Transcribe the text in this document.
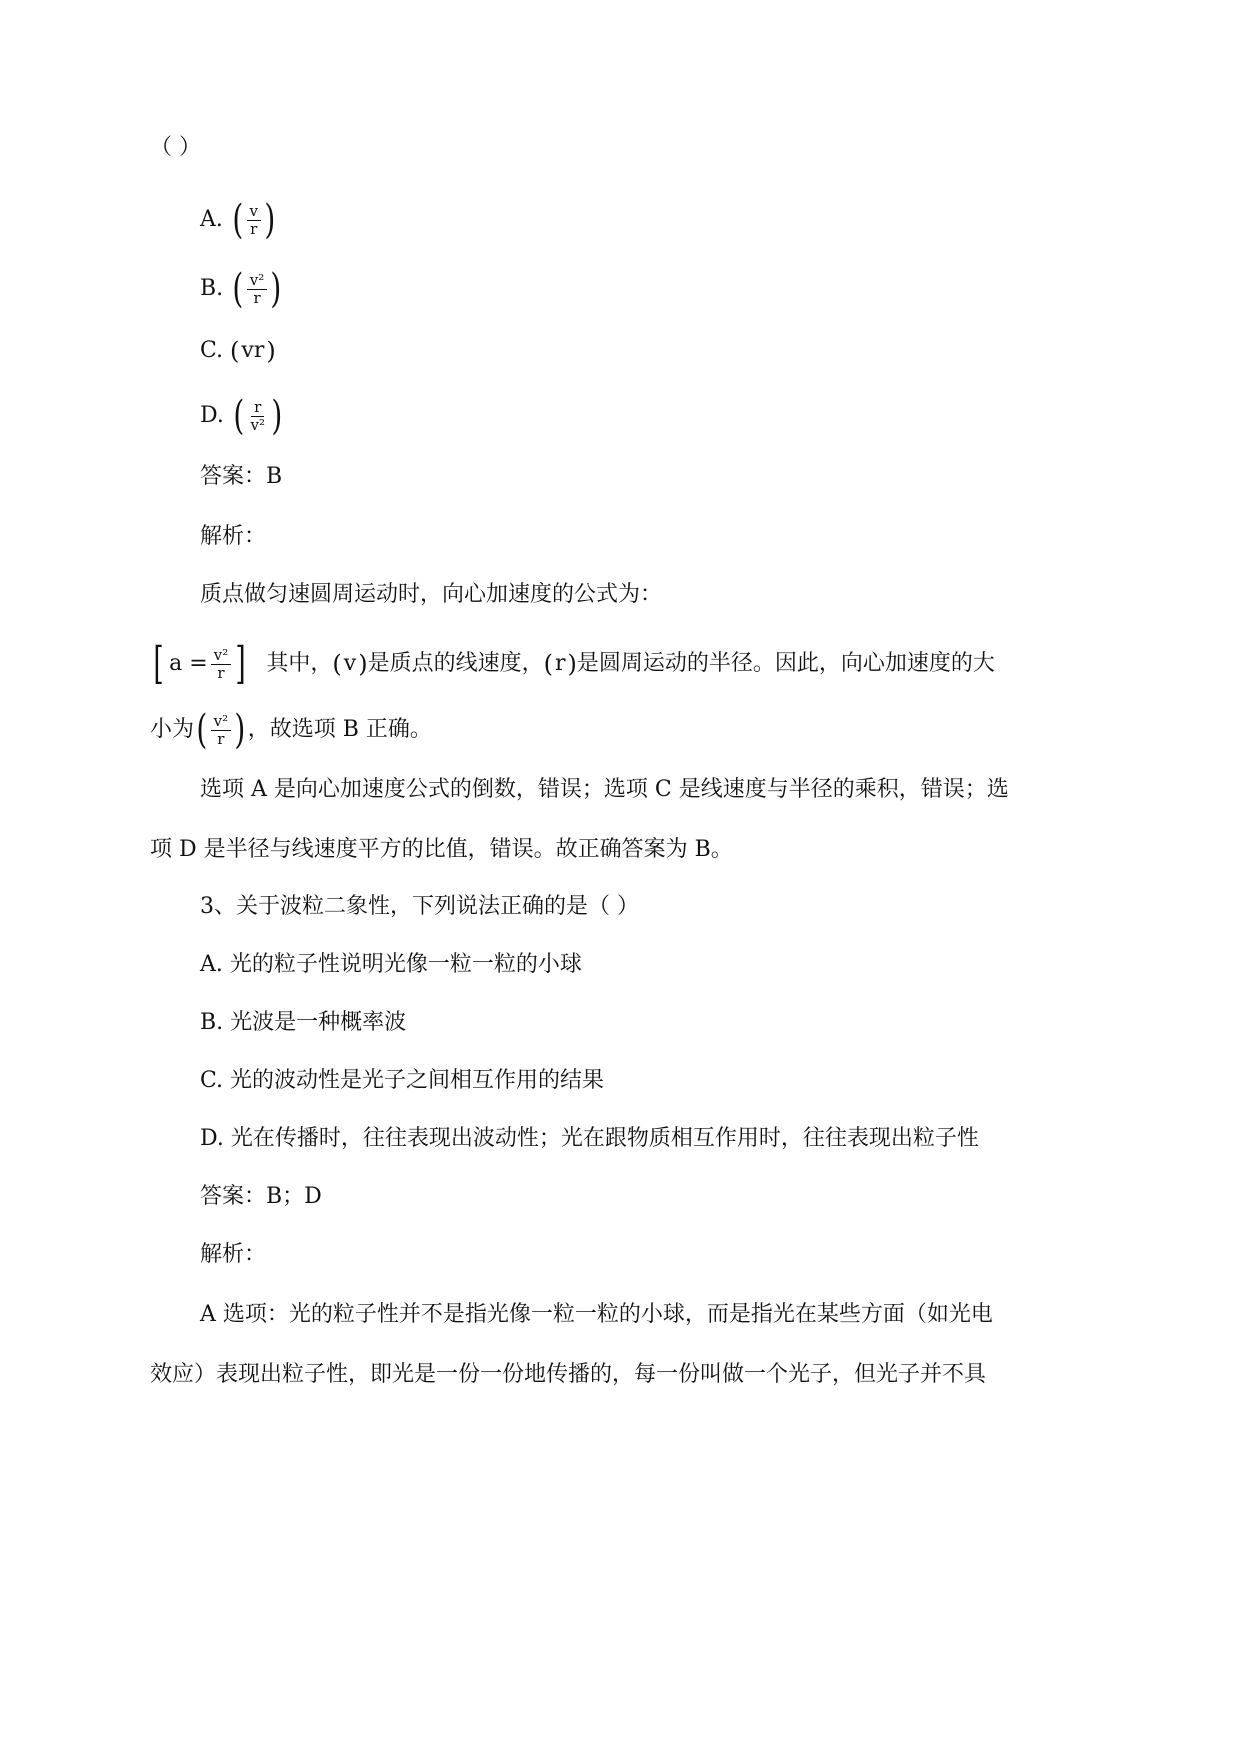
（ ）
A. ( $\frac{v}{r}$ )
B. ( $\frac{\text{v²}}{r}$ )
C. ( vr )
D. ( $\frac{r}{\text{v²}}$ )
答案：B
解析：
质点做匀速圆周运动时，向心加速度的公式为：
[ $a = \frac{\text{v²}}{r}$ ] 其中， ( v ) 是质点的线速度， ( r ) 是圆周运动的半径。因此，向心加速度的大
小为 ( $\frac{\text{v²}}{r}$ ) ，故选项 B 正确。
选项 A 是向心加速度公式的倒数，错误；选项 C 是线速度与半径的乘积，错误；选
项 D 是半径与线速度平方的比值，错误。故正确答案为 B。
3、关于波粒二象性，下列说法正确的是（ ）
A. 光的粒子性说明光像一粒一粒的小球
B. 光波是一种概率波
C. 光的波动性是光子之间相互作用的结果
D. 光在传播时，往往表现出波动性；光在跟物质相互作用时，往往表现出粒子性
答案：B；D
解析：
A 选项：光的粒子性并不是指光像一粒一粒的小球，而是指光在某些方面（如光电
效应）表现出粒子性，即光是一份一份地传播的，每一份叫做一个光子，但光子并不具
